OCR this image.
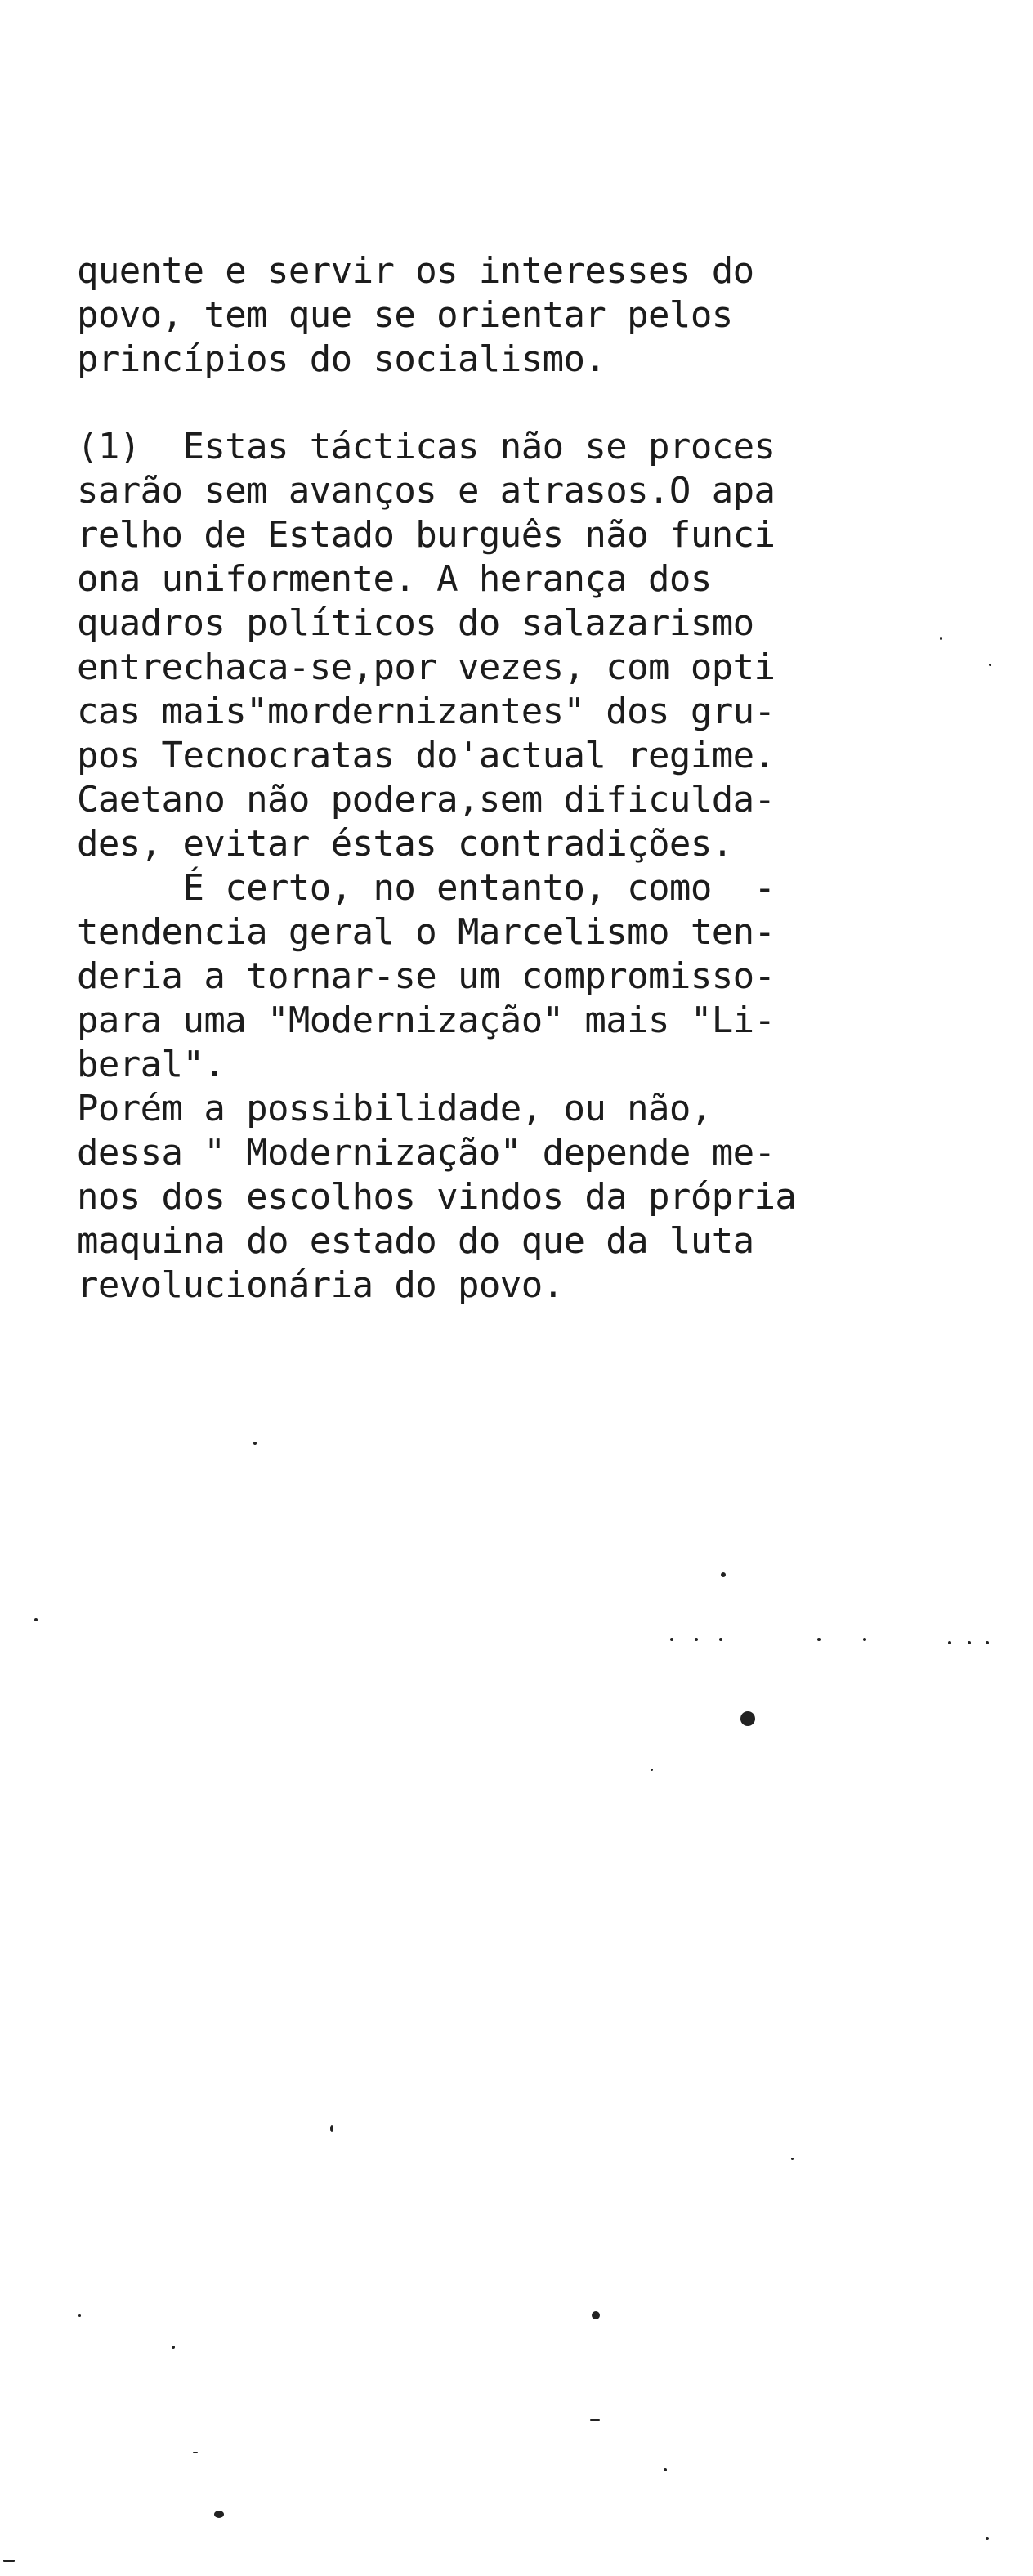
quente e servir os interesses do
povo, tem que se orientar pelos
princípios do socialismo.
(1)  Estas tácticas não se proces
sarão sem avanços e atrasos.O apa
relho de Estado burguês não funci
ona uniformente. A herança dos
quadros políticos do salazarismo
entrechaca-se,por vezes, com opti
cas mais"mordernizantes" dos gru-
pos Tecnocratas do'actual regime.
Caetano não podera,sem dificulda-
des, evitar éstas contradições.
É certo, no entanto, como  -
tendencia geral o Marcelismo ten-
deria a tornar-se um compromisso-
para uma "Modernização" mais "Li-
beral".
Porém a possibilidade, ou não,
dessa " Modernização" depende me-
nos dos escolhos vindos da própria
maquina do estado do que da luta
revolucionária do povo.
